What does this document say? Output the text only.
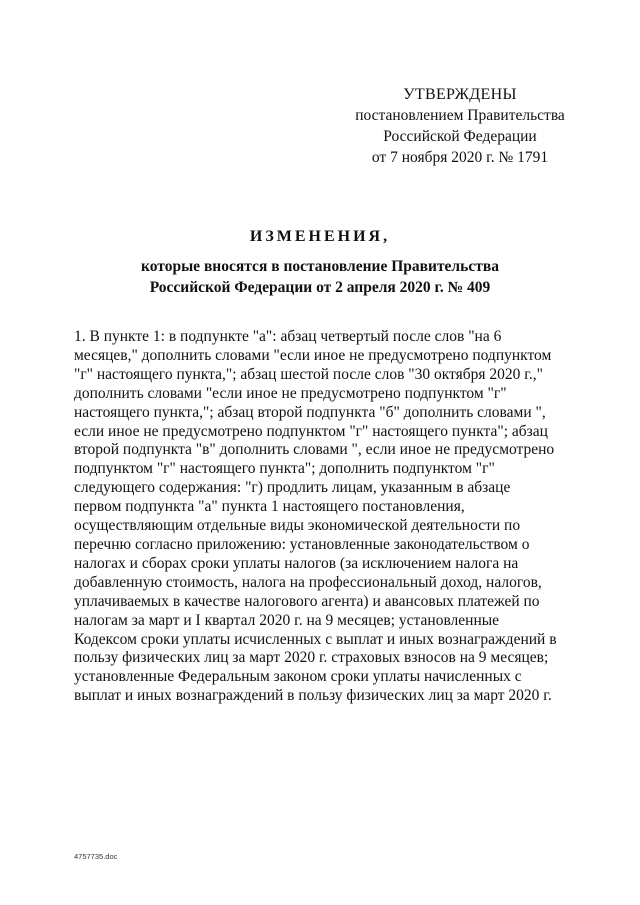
УТВЕРЖДЕНЫ
постановлением Правительства
Российской Федерации
от 7 ноября 2020 г. № 1791
ИЗМЕНЕНИЯ,
которые вносятся в постановление Правительства
Российской Федерации от 2 апреля 2020 г. № 409
1. В пункте 1: в подпункте "а": абзац четвертый после слов "на 6 месяцев," дополнить словами "если иное не предусмотрено подпунктом "г" настоящего пункта,"; абзац шестой после слов "30 октября 2020 г.," дополнить словами "если иное не предусмотрено подпунктом "г" настоящего пункта,"; абзац второй подпункта "б" дополнить словами ", если иное не предусмотрено подпунктом "г" настоящего пункта"; абзац второй подпункта "в" дополнить словами ", если иное не предусмотрено подпунктом "г" настоящего пункта"; дополнить подпунктом "г" следующего содержания: "г) продлить лицам, указанным в абзаце первом подпункта "а" пункта 1 настоящего постановления, осуществляющим отдельные виды экономической деятельности по перечню согласно приложению: установленные законодательством о налогах и сборах сроки уплаты налогов (за исключением налога на добавленную стоимость, налога на профессиональный доход, налогов, уплачиваемых в качестве налогового агента) и авансовых платежей по налогам за март и I квартал 2020 г. на 9 месяцев; установленные Кодексом сроки уплаты исчисленных с выплат и иных вознаграждений в пользу физических лиц за март 2020 г. страховых взносов на 9 месяцев; установленные Федеральным законом сроки уплаты начисленных с выплат и иных вознаграждений в пользу физических лиц за март 2020 г.
4757735.doc
